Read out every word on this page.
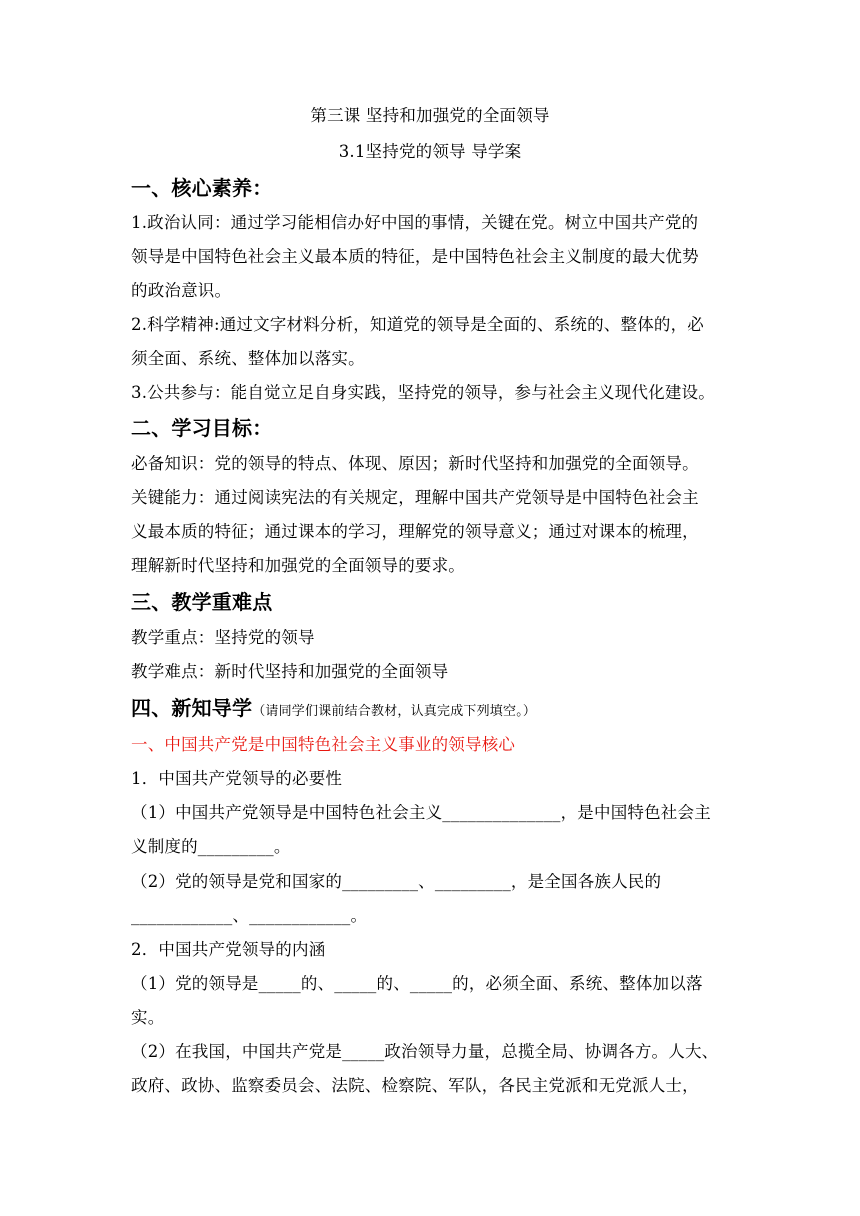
第三课 坚持和加强党的全面领导
3.1坚持党的领导 导学案
一、核心素养：
1.政治认同：通过学习能相信办好中国的事情，关键在党。树立中国共产党的
领导是中国特色社会主义最本质的特征，是中国特色社会主义制度的最大优势
的政治意识。
2.科学精神:通过文字材料分析，知道党的领导是全面的、系统的、整体的，必
须全面、系统、整体加以落实。
3.公共参与：能自觉立足自身实践，坚持党的领导，参与社会主义现代化建设。
二、学习目标：
必备知识：党的领导的特点、体现、原因；新时代坚持和加强党的全面领导。
关键能力：通过阅读宪法的有关规定，理解中国共产党领导是中国特色社会主
义最本质的特征；通过课本的学习，理解党的领导意义；通过对课本的梳理，
理解新时代坚持和加强党的全面领导的要求。
三、教学重难点
教学重点：坚持党的领导
教学难点：新时代坚持和加强党的全面领导
四、新知导学（请同学们课前结合教材，认真完成下列填空。）
一、中国共产党是中国特色社会主义事业的领导核心
1．中国共产党领导的必要性
（1）中国共产党领导是中国特色社会主义______________，是中国特色社会主
义制度的_________。
（2）党的领导是党和国家的_________、_________，是全国各族人民的
____________、____________。
2．中国共产党领导的内涵
（1）党的领导是_____的、_____的、_____的，必须全面、系统、整体加以落
实。
（2）在我国，中国共产党是_____政治领导力量，总揽全局、协调各方。人大、
政府、政协、监察委员会、法院、检察院、军队，各民主党派和无党派人士，
